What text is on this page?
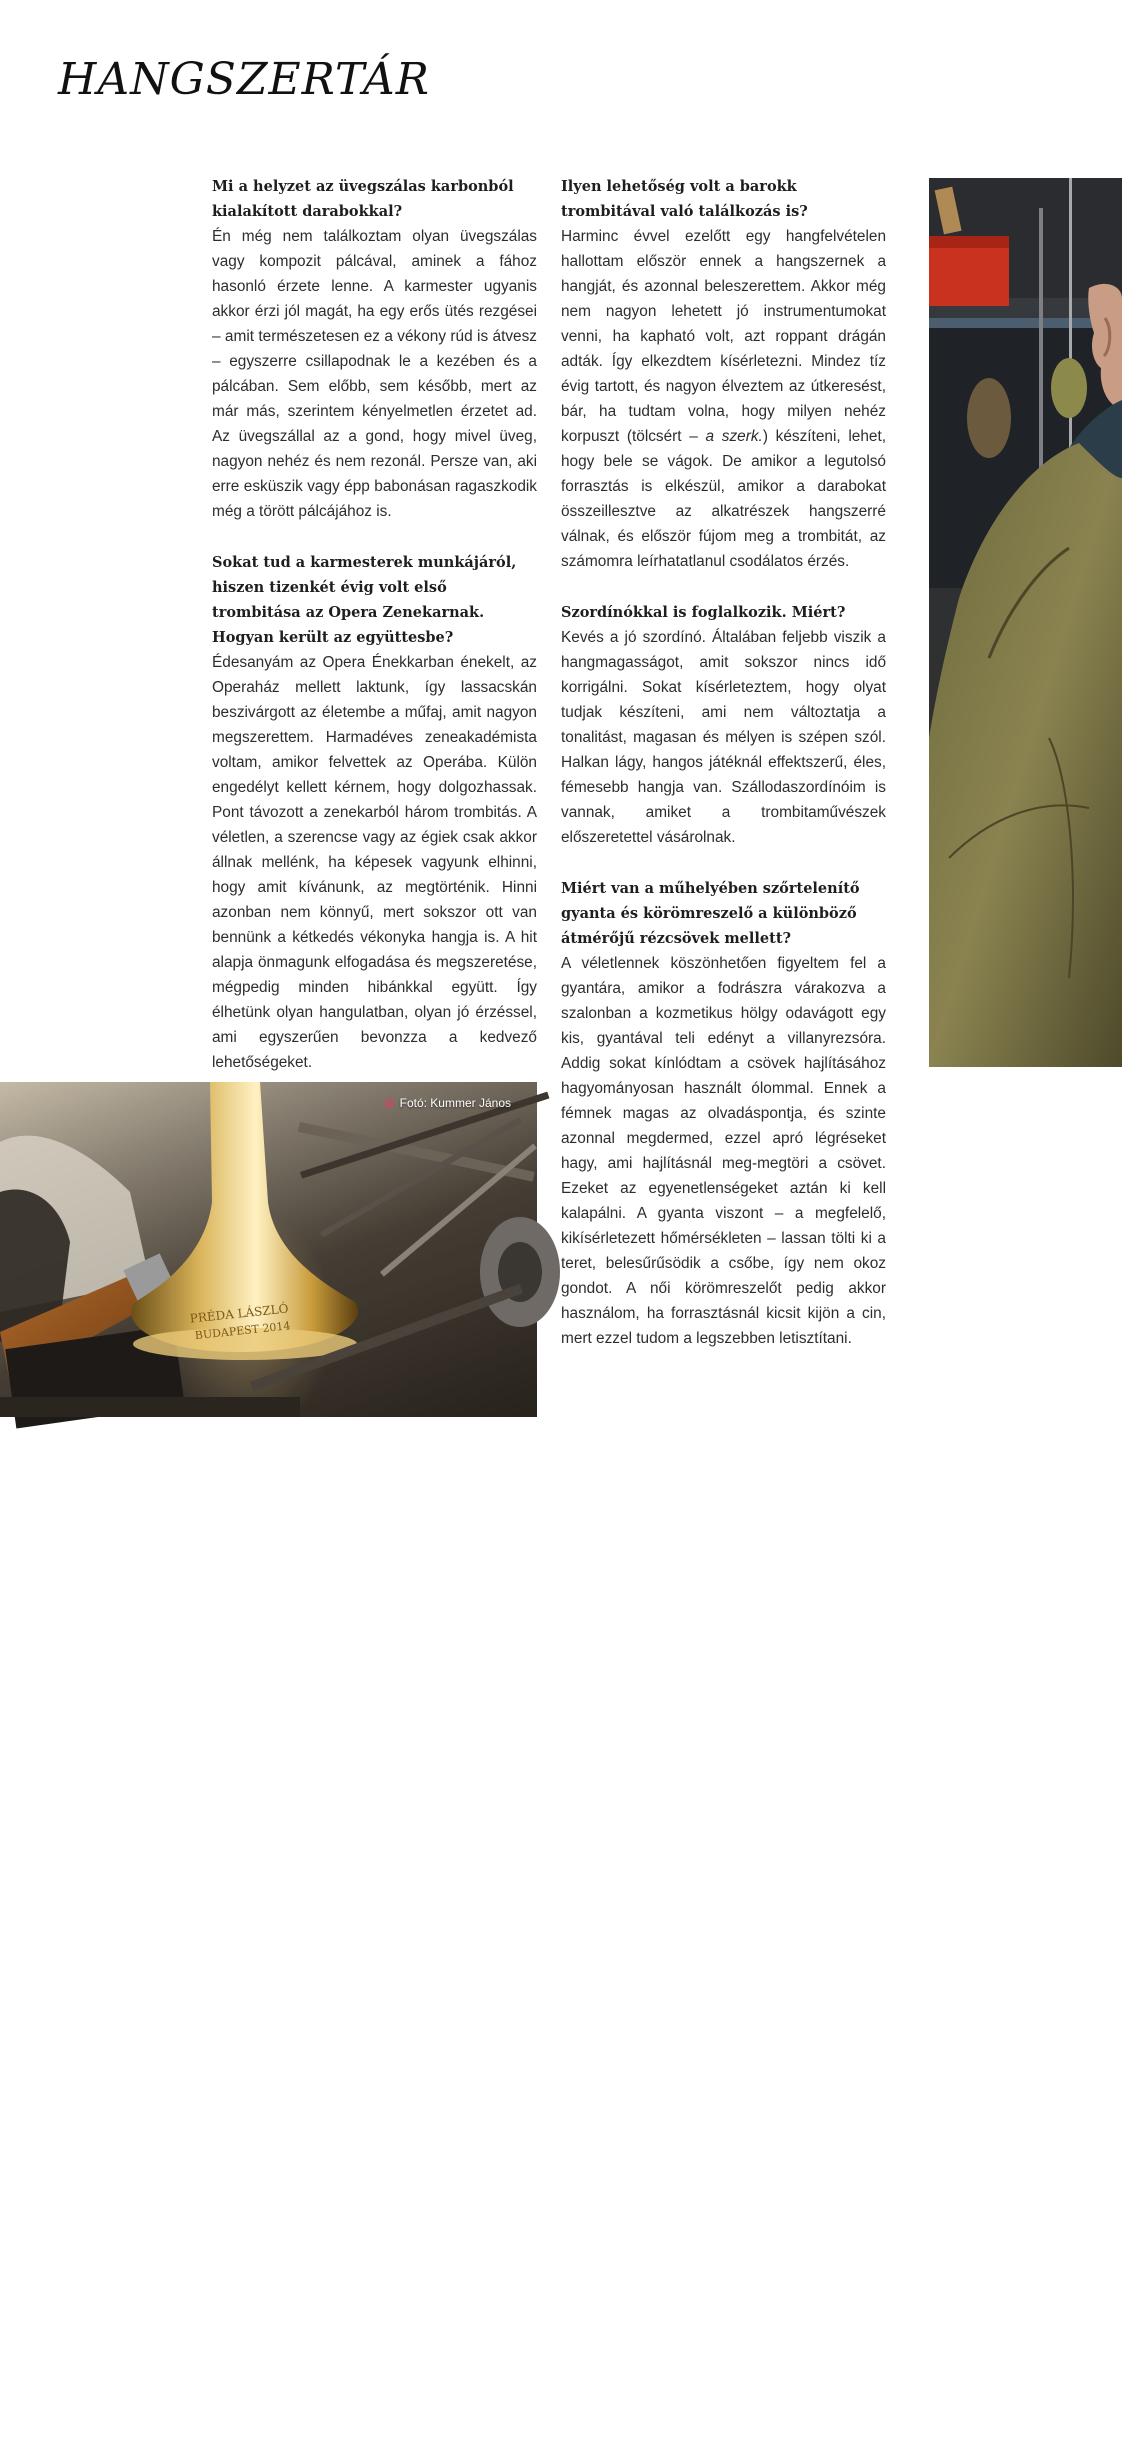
HANGSZERTÁR

Mi a helyzet az üvegszálas karbonból kialakított darabokkal?

Én még nem találkoztam olyan üvegszálas vagy kompozit pálcával, aminek a fához hasonló érzete lenne. A karmester ugyanis akkor érzi jól magát, ha egy erős ütés rezgései – amit természetesen ez a vékony rúd is átvesz – egyszerre csillapodnak le a kezében és a pálcában. Sem előbb, sem később, mert az már más, szerintem kényelmetlen érzetet ad. Az üvegszállal az a gond, hogy mivel üveg, nagyon nehéz és nem rezonál. Persze van, aki erre esküszik vagy épp babonásan ragaszkodik még a törött pálcájához is.

Sokat tud a karmesterek munkájáról, hiszen tizenkét évig volt első trombitása az Opera Zenekarnak. Hogyan került az együttesbe?

Édesanyám az Opera Énekkarban énekelt, az Operaház mellett laktunk, így lassacskán beszivárgott az életembe a műfaj, amit nagyon megszerettem. Harmadéves zeneakadémista voltam, amikor felvettek az Operába. Külön engedélyt kellett kérnem, hogy dolgozhassak. Pont távozott a zenekarból három trombitás. A véletlen, a szerencse vagy az égiek csak akkor állnak mellénk, ha képesek vagyunk elhinni, hogy amit kívánunk, az megtörténik. Hinni azonban nem könnyű, mert sokszor ott van bennünk a kétkedés vékonyka hangja is. A hit alapja önmagunk elfogadása és megszeretése, mégpedig minden hibánkkal együtt. Így élhetünk olyan hangulatban, olyan jó érzéssel, ami egyszerűen bevonzza a kedvező lehetőségeket.

Ilyen lehetőség volt a barokk trombitával való találkozás is?

Harminc évvel ezelőtt egy hangfelvételen hallottam először ennek a hangszernek a hangját, és azonnal beleszerettem. Akkor még nem nagyon lehetett jó instrumentumokat venni, ha kapható volt, azt roppant drágán adták. Így elkezdtem kísérletezni. Mindez tíz évig tartott, és nagyon élveztem az útkeresést, bár, ha tudtam volna, hogy milyen nehéz korpuszt (tölcsért – a szerk.) készíteni, lehet, hogy bele se vágok. De amikor a legutolsó forrasztás is elkészül, amikor a darabokat összeillesztve az alkatrészek hangszerré válnak, és először fújom meg a trombitát, az számomra leírhatatlanul csodálatos érzés.

Szordínókkal is foglalkozik. Miért?

Kevés a jó szordínó. Általában feljebb viszik a hangmagasságot, amit sokszor nincs idő korrigálni. Sokat kísérleteztem, hogy olyat tudjak készíteni, ami nem változtatja a tonalitást, magasan és mélyen is szépen szól. Halkan lágy, hangos játéknál effektszerű, éles, fémesebb hangja van. Szállodaszordínóim is vannak, amiket a trombitaművészek előszeretettel vásárolnak.

Miért van a műhelyében szőrtelenítő gyanta és körömreszelő a különböző átmérőjű rézcsövek mellett?

A véletlennek köszönhetően figyeltem fel a gyantára, amikor a fodrászra várakozva a szalonban a kozmetikus hölgy odavágott egy kis, gyantával teli edényt a villanyrezsóra. Addig sokat kínlódtam a csövek hajlításához hagyományosan használt ólommal. Ennek a fémnek magas az olvadáspontja, és szinte azonnal megdermed, ezzel apró légréseket hagy, ami hajlításnál meg-megtöri a csövet. Ezeket az egyenetlenségeket aztán ki kell kalapálni. A gyanta viszont – a megfelelő, kikísérletezett hőmérsékleten – lassan tölti ki a teret, belesűrűsödik a csőbe, így nem okoz gondot. A női körömreszelőt pedig akkor használom, ha forrasztásnál kicsit kijön a cin, mert ezzel tudom a legszebben letisztítani.

PRÉDA LÁSZLÓ
BUDAPEST 2014
Fotó: Kummer János
50
